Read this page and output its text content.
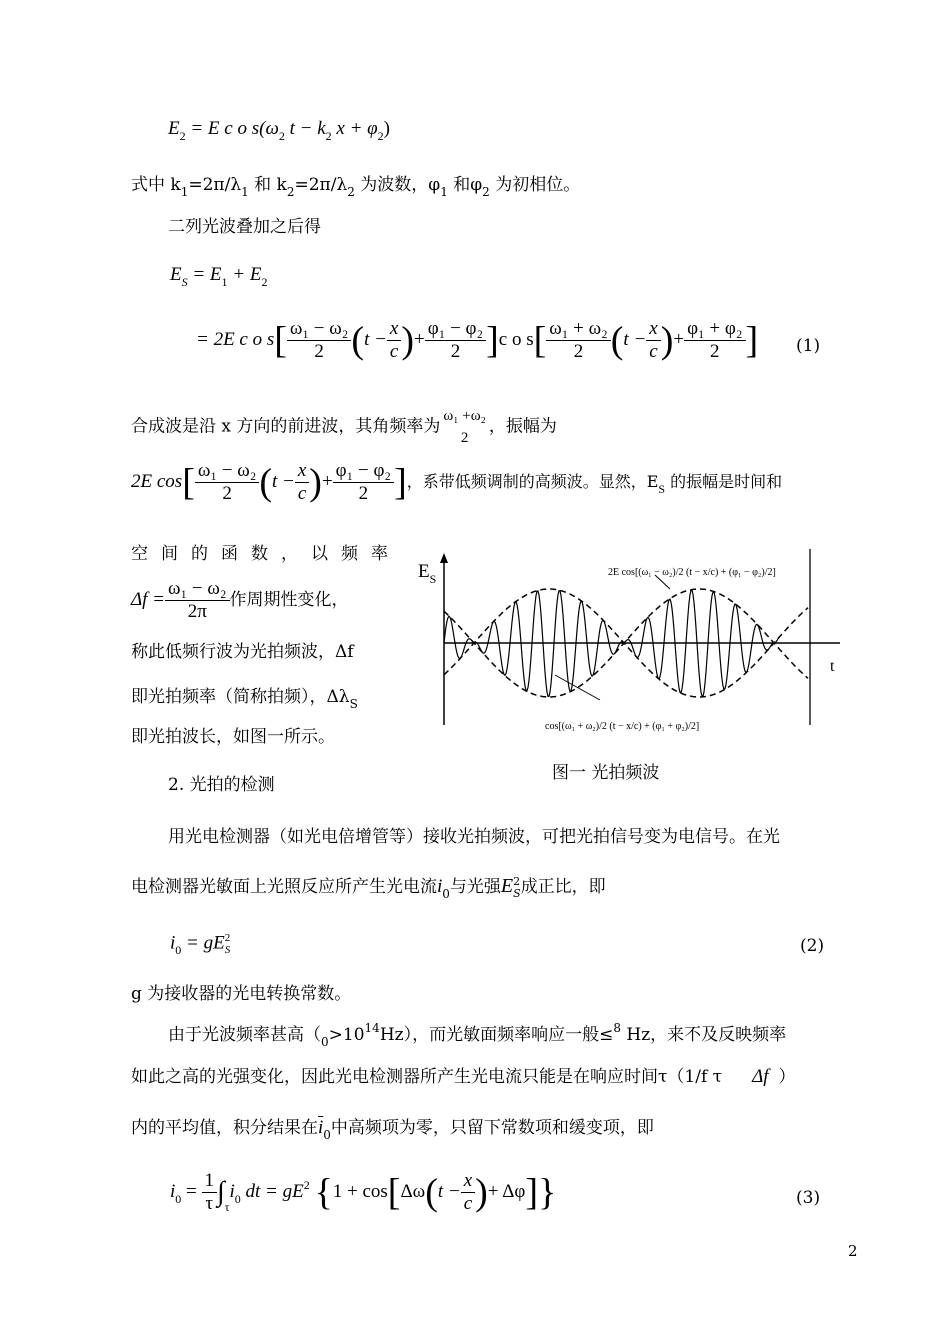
$E_2 = E$ c o $s(\omega_2$ $t - k_2$ $x + \varphi_2$)
式中 $k_1=2\pi/\lambda_1$ 和 $k_2=2\pi/\lambda_2$ 为波数，$\varphi_1$ 和$\varphi_2$ 为初相位。
二列光波叠加之后得
$E_S = E_1 + E_2$
= 2E c o $s[ \frac{\text{ω₁ − ω₂}}{2} (t - \frac{x}{c}$ )+ $\frac{\text{φ₁ − φ₂}}{2} ]c$ o $s[ \frac{\text{ω₁ + ω₂}}{2} (t - \frac{x}{c}$ )+ $\frac{\text{φ₁ + φ₂}}{2}$ ] (1)
合成波是沿 x 方向的前进波，其角频率为
ω₁ +ω₂
2
，振幅为
2E $\cos[ \frac{\text{ω₁ − ω₂}}{2} (t - \frac{x}{c}$ )+ $\frac{\text{φ₁ − φ₂}}{2}$ ]，系带低频调制的高频波。显然，$E_S$ 的振幅是时间和
空间的函数，以频率
$\Delta f = \frac{\text{ω₁ − ω₂}}{2\pi}$ 作周期性变化，
称此低频行波为光拍频波，Δf
即光拍频率（简称拍频），$\Delta\lambda_S$
即光拍波长，如图一所示。
$E_S$
t
2E cos[(ω₁ − ω₂)/2 (t − x/c) + (φ₁ − φ₂)/2]
cos[(ω₁ + ω₂)/2 (t − x/c) + (φ₁ + φ₂)/2]
图一 光拍频波
2. 光拍的检测
用光电检测器（如光电倍增管等）接收光拍频波，可把光拍信号变为电信号。在光
电检测器光敏面上光照反应所产生光电流$i_0$与光强E 2
S 成正比，即
$i_0$ = gE 2
S	(2)
g 为接收器的光电转换常数。
由于光波频率甚高$(_0>10^{14}Hz)$，而光敏面频率响应一般≤$^8$ Hz，来不及反映频率
如此之高的光强变化，因此光电检测器所产生光电流只能是在响应时间τ（1/f τ Δf ）
内的平均值，积分结果在$\overline{i}_0$中高频项为零，只留下常数项和缓变项，即
$i_0 = \frac{1}{\tau} \int_\tau i_0$ dt = $gE^2$ {$1 + \cos[\Delta\omega(t - \frac{x}{c}$ )+ Δφ]}	(3)
2
